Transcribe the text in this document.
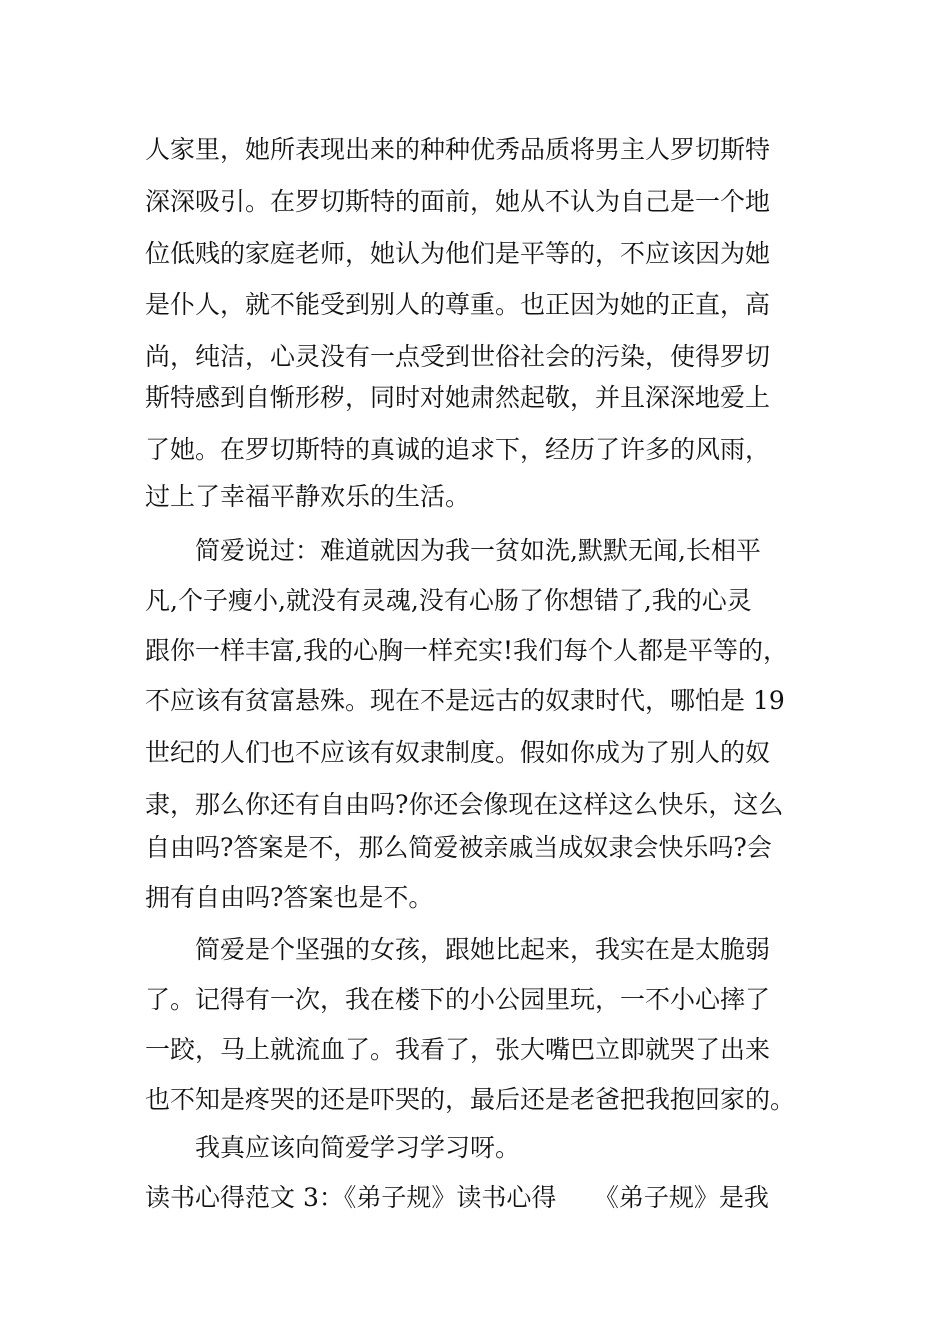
人家里，她所表现出来的种种优秀品质将男主人罗切斯特
深深吸引。在罗切斯特的面前，她从不认为自己是一个地
位低贱的家庭老师，她认为他们是平等的，不应该因为她
是仆人，就不能受到别人的尊重。也正因为她的正直，高
尚，纯洁，心灵没有一点受到世俗社会的污染，使得罗切
斯特感到自惭形秽，同时对她肃然起敬，并且深深地爱上
了她。在罗切斯特的真诚的追求下，经历了许多的风雨，
过上了幸福平静欢乐的生活。
简爱说过：难道就因为我一贫如洗,默默无闻,长相平
凡,个子瘦小,就没有灵魂,没有心肠了你想错了,我的心灵
跟你一样丰富,我的心胸一样充实!我们每个人都是平等的，
不应该有贫富悬殊。现在不是远古的奴隶时代，哪怕是 19
世纪的人们也不应该有奴隶制度。假如你成为了别人的奴
隶，那么你还有自由吗?你还会像现在这样这么快乐，这么
自由吗?答案是不，那么简爱被亲戚当成奴隶会快乐吗?会
拥有自由吗?答案也是不。
简爱是个坚强的女孩，跟她比起来，我实在是太脆弱
了。记得有一次，我在楼下的小公园里玩，一不小心摔了
一跤，马上就流血了。我看了，张大嘴巴立即就哭了出来
也不知是疼哭的还是吓哭的，最后还是老爸把我抱回家的。
我真应该向简爱学习学习呀。
读书心得范文 3：《弟子规》读书心得　　《弟子规》是我
